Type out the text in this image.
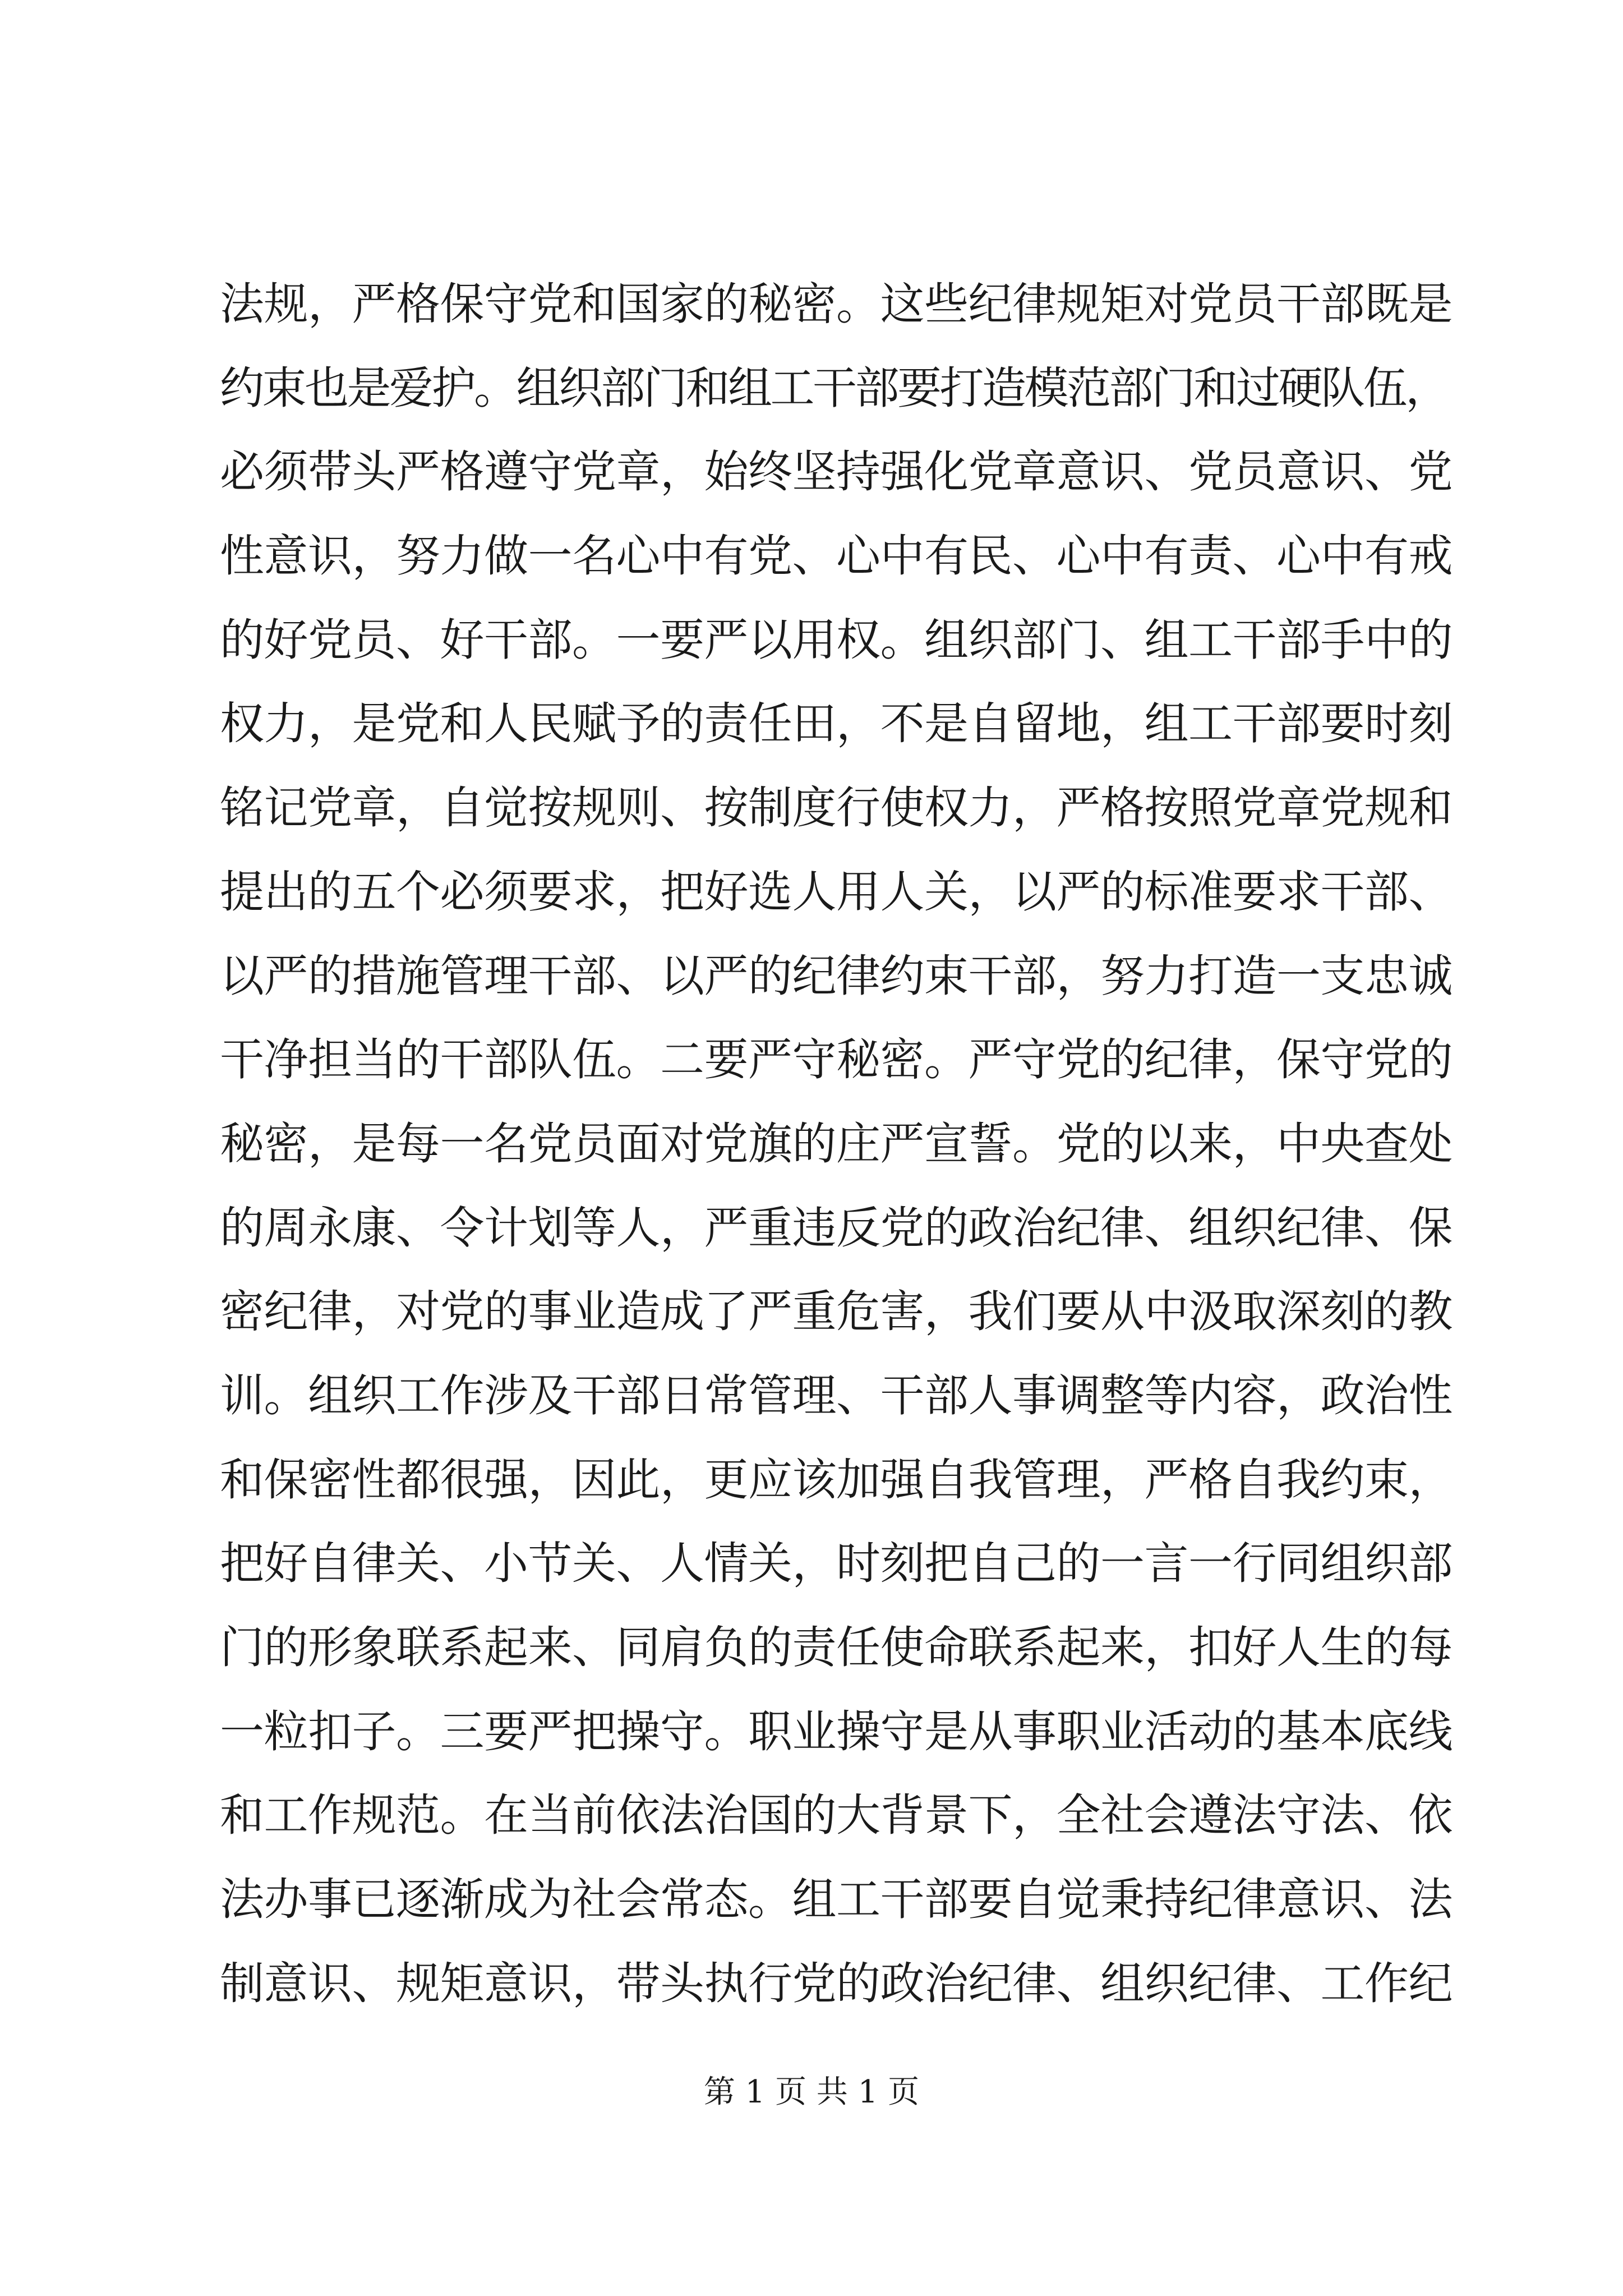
法规，严格保守党和国家的秘密。这些纪律规矩对党员干部既是
约束也是爱护。组织部门和组工干部要打造模范部门和过硬队伍，
必须带头严格遵守党章，始终坚持强化党章意识、党员意识、党
性意识，努力做一名心中有党、心中有民、心中有责、心中有戒
的好党员、好干部。一要严以用权。组织部门、组工干部手中的
权力，是党和人民赋予的责任田，不是自留地，组工干部要时刻
铭记党章，自觉按规则、按制度行使权力，严格按照党章党规和
提出的五个必须要求，把好选人用人关，以严的标准要求干部、
以严的措施管理干部、以严的纪律约束干部，努力打造一支忠诚
干净担当的干部队伍。二要严守秘密。严守党的纪律，保守党的
秘密，是每一名党员面对党旗的庄严宣誓。党的以来，中央查处
的周永康、令计划等人，严重违反党的政治纪律、组织纪律、保
密纪律，对党的事业造成了严重危害，我们要从中汲取深刻的教
训。组织工作涉及干部日常管理、干部人事调整等内容，政治性
和保密性都很强，因此，更应该加强自我管理，严格自我约束，
把好自律关、小节关、人情关，时刻把自己的一言一行同组织部
门的形象联系起来、同肩负的责任使命联系起来，扣好人生的每
一粒扣子。三要严把操守。职业操守是从事职业活动的基本底线
和工作规范。在当前依法治国的大背景下，全社会遵法守法、依
法办事已逐渐成为社会常态。组工干部要自觉秉持纪律意识、法
制意识、规矩意识，带头执行党的政治纪律、组织纪律、工作纪
第 1 页 共 1 页
